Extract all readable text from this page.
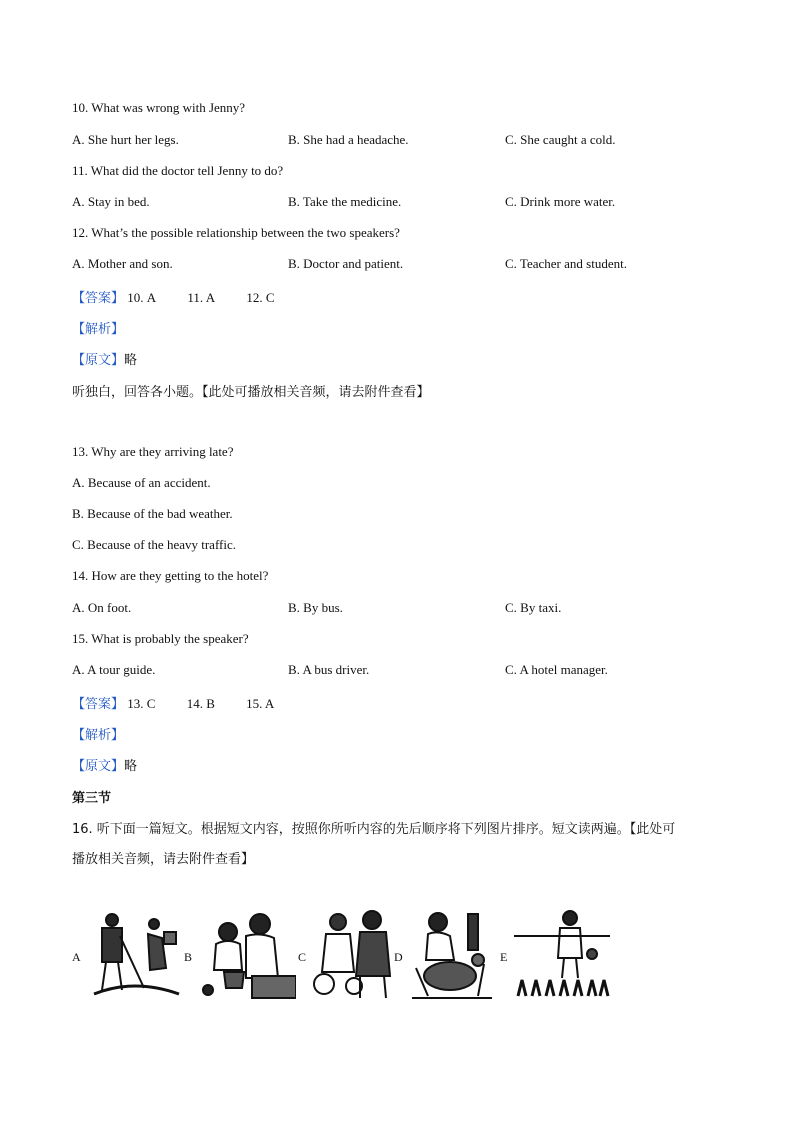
10. What was wrong with Jenny?
A. She hurt her legs.	B. She had a headache.	C. She caught a cold.
11. What did the doctor tell Jenny to do?
A. Stay in bed.	B. Take the medicine.	C. Drink more water.
12. What’s the possible relationship between the two speakers?
A. Mother and son.	B. Doctor and patient.	C. Teacher and student.
【答案】 10. A 11. A 12. C
【解析】
【原文】略
听独白，回答各小题。【此处可播放相关音频，请去附件查看】
13. Why are they arriving late?
A. Because of an accident.
B. Because of the bad weather.
C. Because of the heavy traffic.
14. How are they getting to the hotel?
A. On foot.	B. By bus.	C. By taxi.
15. What is probably the speaker?
A. A tour guide.	B. A bus driver.	C. A hotel manager.
【答案】 13. C 14. B 15. A
【解析】
【原文】略
第三节
16. 听下面一篇短文。根据短文内容，按照你所听内容的先后顺序将下列图片排序。短文读两遍。【此处可
播放相关音频，请去附件查看】
A	B	C	D	E
